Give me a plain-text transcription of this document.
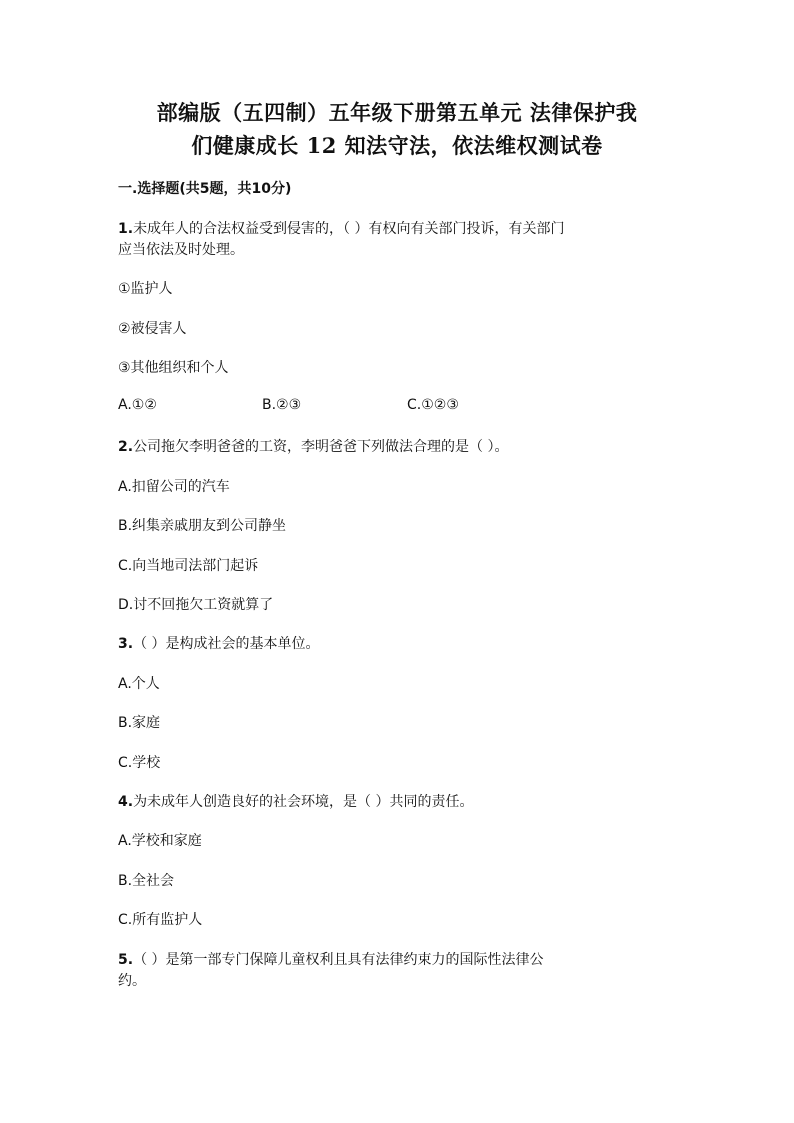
部编版（五四制）五年级下册第五单元 法律保护我
们健康成长 12 知法守法，依法维权测试卷
一.选择题(共5题，共10分)
1.未成年人的合法权益受到侵害的，（ ）有权向有关部门投诉，有关部门
应当依法及时处理。
①监护人
②被侵害人
③其他组织和个人
A.①②	B.②③	C.①②③
2.公司拖欠李明爸爸的工资，李明爸爸下列做法合理的是（ ）。
A.扣留公司的汽车
B.纠集亲戚朋友到公司静坐
C.向当地司法部门起诉
D.讨不回拖欠工资就算了
3.（ ）是构成社会的基本单位。
A.个人
B.家庭
C.学校
4.为未成年人创造良好的社会环境，是（ ）共同的责任。
A.学校和家庭
B.全社会
C.所有监护人
5.（ ）是第一部专门保障儿童权利且具有法律约束力的国际性法律公
约。
